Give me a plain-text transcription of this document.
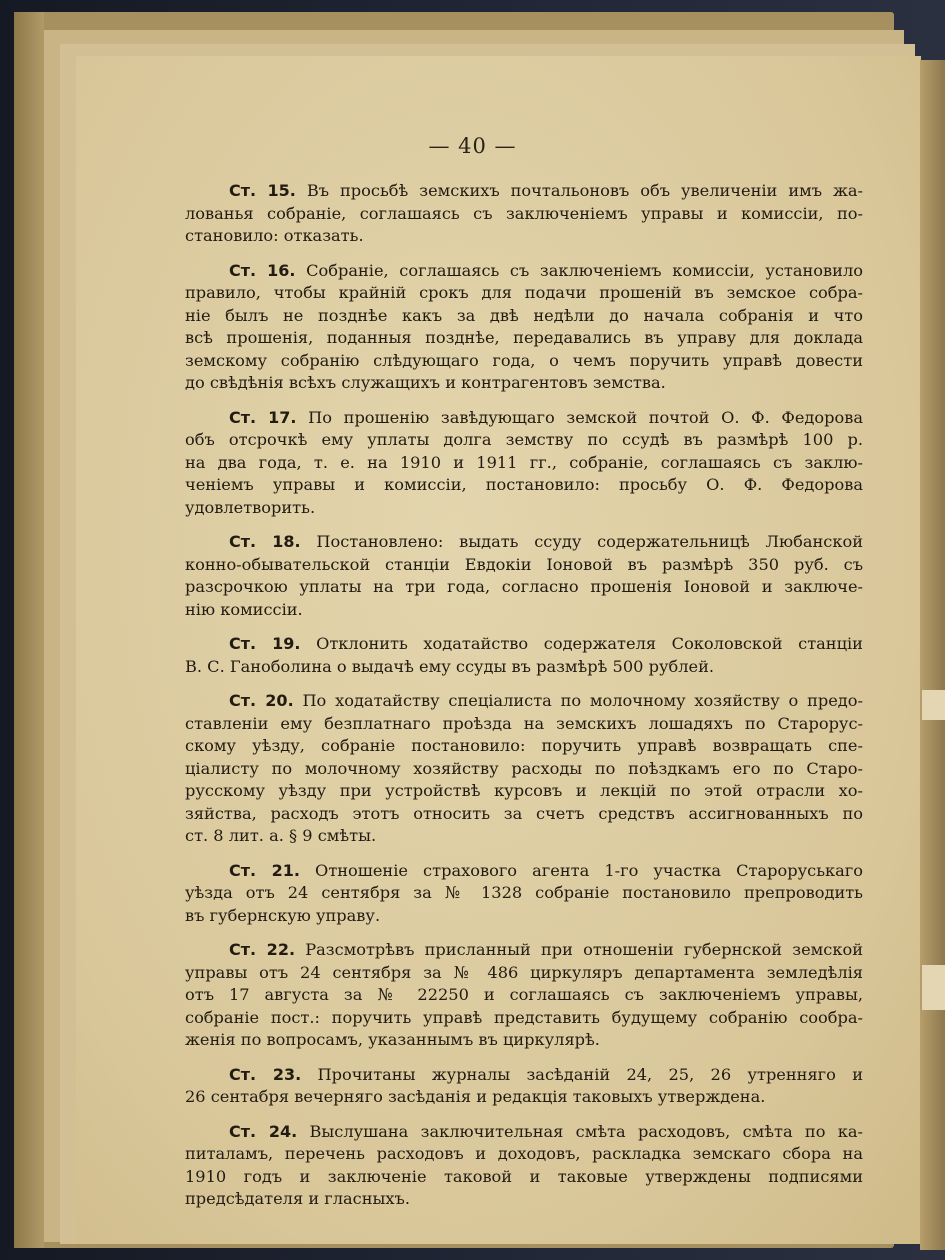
— 40 —
Ст. 15. Въ просьбѣ земскихъ почтальоновъ объ увеличеніи имъ жа-
лованья собраніе, соглашаясь съ заключеніемъ управы и комиссіи, по-
становило: отказать.
Ст. 16. Собраніе, соглашаясь съ заключеніемъ комиссіи, установило
правило, чтобы крайній срокъ для подачи прошеній въ земское собра-
ніе былъ не позднѣе какъ за двѣ недѣли до начала собранія и что
всѣ прошенія, поданныя позднѣе, передавались въ управу для доклада
земскому собранію слѣдующаго года, о чемъ поручить управѣ довести
до свѣдѣнія всѣхъ служащихъ и контрагентовъ земства.
Ст. 17. По прошенію завѣдующаго земской почтой О. Ф. Федорова
объ отсрочкѣ ему уплаты долга земству по ссудѣ въ размѣрѣ 100 р.
на два года, т. е. на 1910 и 1911 гг., собраніе, соглашаясь съ заклю-
ченіемъ управы и комиссіи, постановило: просьбу О. Ф. Федорова
удовлетворить.
Ст. 18. Постановлено: выдать ссуду содержательницѣ Любанской
конно-обывательской станціи Евдокіи Іоновой въ размѣрѣ 350 руб. съ
разсрочкою уплаты на три года, согласно прошенія Іоновой и заключе-
нію комиссіи.
Ст. 19. Отклонить ходатайство содержателя Соколовской станціи
В. С. Ганоболина о выдачѣ ему ссуды въ размѣрѣ 500 рублей.
Ст. 20. По ходатайству спеціалиста по молочному хозяйству о предо-
ставленіи ему безплатнаго проѣзда на земскихъ лошадяхъ по Старорус-
скому уѣзду, собраніе постановило: поручить управѣ возвращать спе-
ціалисту по молочному хозяйству расходы по поѣздкамъ его по Старо-
русскому уѣзду при устройствѣ курсовъ и лекцій по этой отрасли хо-
зяйства, расходъ этотъ относить за счетъ средствъ ассигнованныхъ по
ст. 8 лит. а. § 9 смѣты.
Ст. 21. Отношеніе страхового агента 1-го участка Староруськаго
уѣзда отъ 24 сентября за № 1328 собраніе постановило препроводить
въ губернскую управу.
Ст. 22. Разсмотрѣвъ присланный при отношеніи губернской земской
управы отъ 24 сентября за № 486 циркуляръ департамента земледѣлія
отъ 17 августа за № 22250 и соглашаясь съ заключеніемъ управы,
собраніе пост.: поручить управѣ представить будущему собранію сообра-
женія по вопросамъ, указаннымъ въ циркулярѣ.
Ст. 23. Прочитаны журналы засѣданій 24, 25, 26 утренняго и
26 сентабря вечерняго засѣданія и редакція таковыхъ утверждена.
Ст. 24. Выслушана заключительная смѣта расходовъ, смѣта по ка-
питаламъ, перечень расходовъ и доходовъ, раскладка земскаго сбора на
1910 годъ и заключеніе таковой и таковые утверждены подписями
предсѣдателя и гласныхъ.
